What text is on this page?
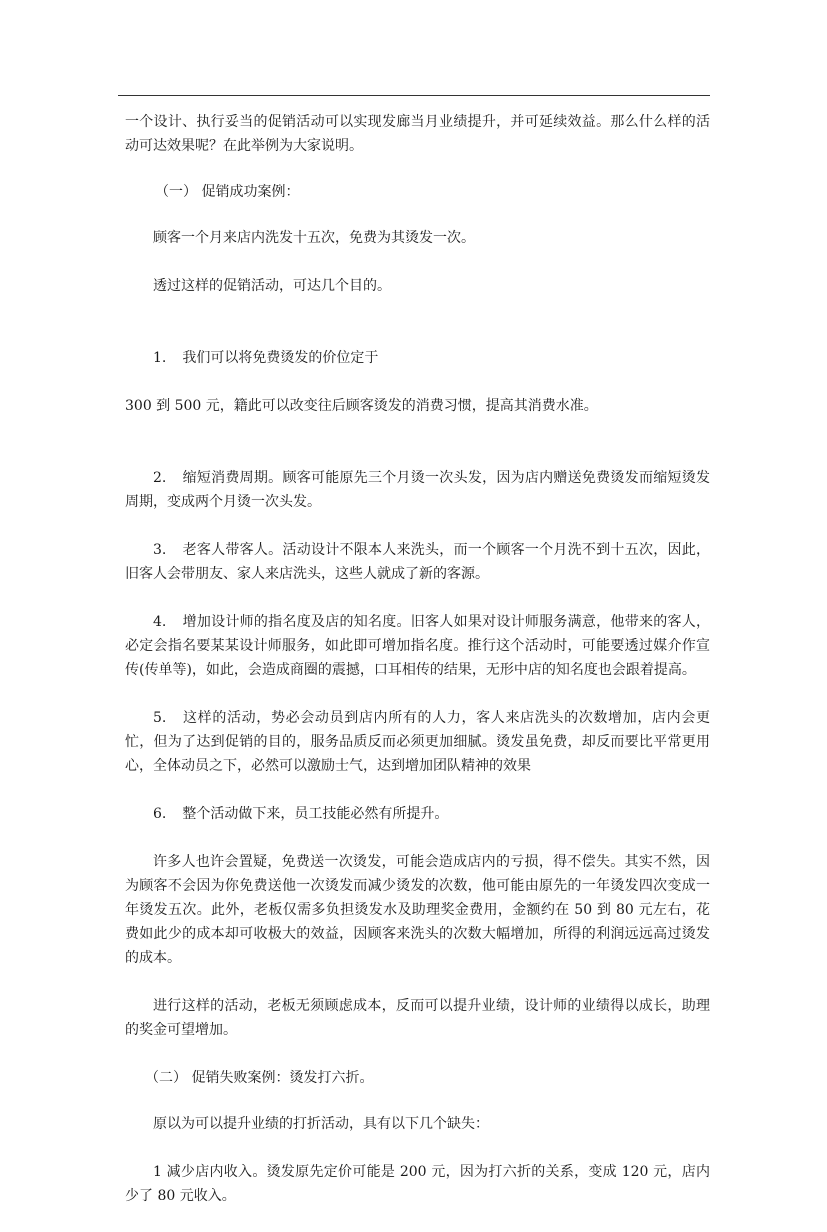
一个设计、执行妥当的促销活动可以实现发廊当月业绩提升，并可延续效益。那么什么样的活动可达效果呢？在此举例为大家说明。

（一） 促销成功案例：

顾客一个月来店内洗发十五次，免费为其烫发一次。

透过这样的促销活动，可达几个目的。

1. 我们可以将免费烫发的价位定于

300 到 500 元，籍此可以改变往后顾客烫发的消费习惯，提高其消费水准。

2. 缩短消费周期。顾客可能原先三个月烫一次头发，因为店内赠送免费烫发而缩短烫发周期，变成两个月烫一次头发。

3. 老客人带客人。活动设计不限本人来洗头，而一个顾客一个月洗不到十五次，因此，旧客人会带朋友、家人来店洗头，这些人就成了新的客源。

4. 增加设计师的指名度及店的知名度。旧客人如果对设计师服务满意，他带来的客人，必定会指名要某某设计师服务，如此即可增加指名度。推行这个活动时，可能要透过媒介作宣传(传单等)，如此，会造成商圈的震撼，口耳相传的结果，无形中店的知名度也会跟着提高。

5. 这样的活动，势必会动员到店内所有的人力，客人来店洗头的次数增加，店内会更忙，但为了达到促销的目的，服务品质反而必须更加细腻。烫发虽免费，却反而要比平常更用心，全体动员之下，必然可以激励士气，达到增加团队精神的效果

6. 整个活动做下来，员工技能必然有所提升。

许多人也许会置疑，免费送一次烫发，可能会造成店内的亏损，得不偿失。其实不然，因为顾客不会因为你免费送他一次烫发而减少烫发的次数，他可能由原先的一年烫发四次变成一年烫发五次。此外，老板仅需多负担烫发水及助理奖金费用，金额约在 50 到 80 元左右，花费如此少的成本却可收极大的效益，因顾客来洗头的次数大幅增加，所得的利润远远高过烫发的成本。

进行这样的活动，老板无须顾虑成本，反而可以提升业绩，设计师的业绩得以成长，助理的奖金可望增加。

（二） 促销失败案例：烫发打六折。

原以为可以提升业绩的打折活动，具有以下几个缺失：

1 减少店内收入。烫发原先定价可能是 200 元，因为打六折的关系，变成 120 元，店内少了 80 元收入。
